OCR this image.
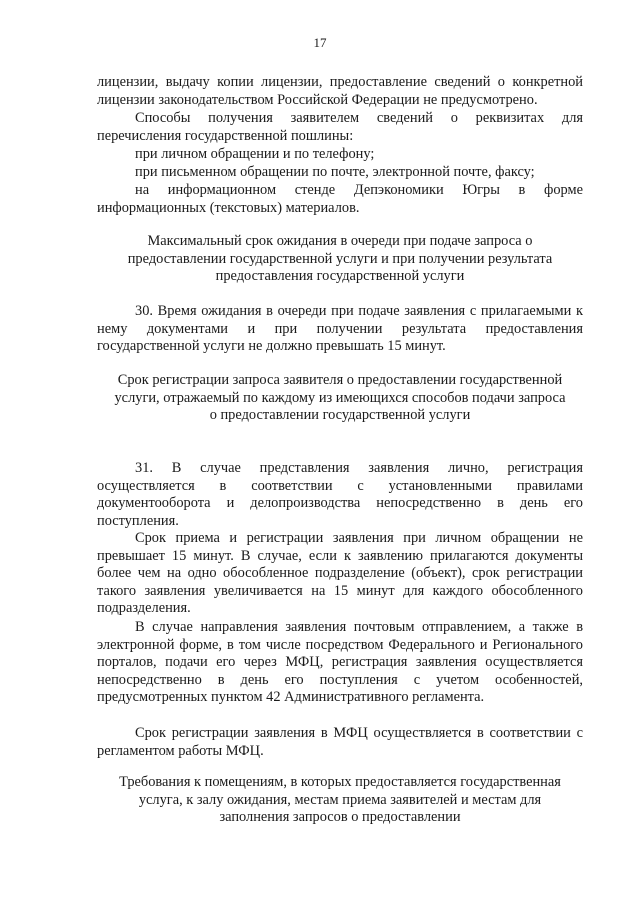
17

лицензии, выдачу копии лицензии, предоставление сведений о конкретной лицензии законодательством Российской Федерации не предусмотрено.

Способы получения заявителем сведений о реквизитах для перечисления государственной пошлины:

при личном обращении и по телефону;

при письменном обращении по почте, электронной почте, факсу;

на информационном стенде Депэкономики Югры в форме информационных (текстовых) материалов.

Максимальный срок ожидания в очереди при подаче запроса о предоставлении государственной услуги и при получении результата предоставления государственной услуги

30. Время ожидания в очереди при подаче заявления с прилагаемыми к нему документами и при получении результата предоставления государственной услуги не должно превышать 15 минут.

Срок регистрации запроса заявителя о предоставлении государственной услуги, отражаемый по каждому из имеющихся способов подачи запроса о предоставлении государственной услуги

31. В случае представления заявления лично, регистрация осуществляется в соответствии с установленными правилами документооборота и делопроизводства непосредственно в день его поступления.

Срок приема и регистрации заявления при личном обращении не превышает 15 минут. В случае, если к заявлению прилагаются документы более чем на одно обособленное подразделение (объект), срок регистрации такого заявления увеличивается на 15 минут для каждого обособленного подразделения.

В случае направления заявления почтовым отправлением, а также в электронной форме, в том числе посредством Федерального и Регионального порталов, подачи его через МФЦ, регистрация заявления осуществляется непосредственно в день его поступления с учетом особенностей, предусмотренных пунктом 42 Административного регламента.

Срок регистрации заявления в МФЦ осуществляется в соответствии с регламентом работы МФЦ.

Требования к помещениям, в которых предоставляется государственная услуга, к залу ожидания, местам приема заявителей и местам для заполнения запросов о предоставлении
